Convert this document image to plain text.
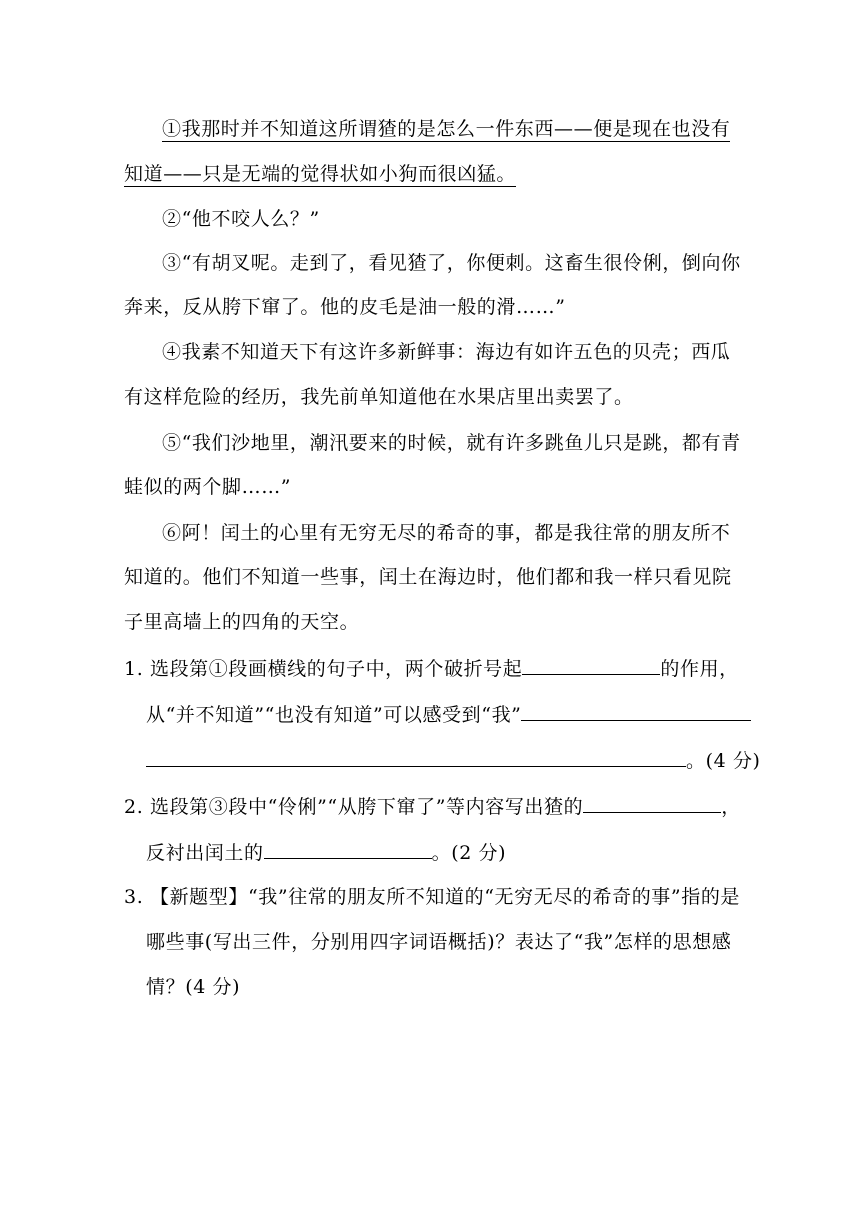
①我那时并不知道这所谓猹的是怎么一件东西——便是现在也没有
知道——只是无端的觉得状如小狗而很凶猛。
②“他不咬人么？”
③“有胡叉呢。走到了，看见猹了，你便刺。这畜生很伶俐，倒向你
奔来，反从胯下窜了。他的皮毛是油一般的滑……”
④我素不知道天下有这许多新鲜事：海边有如许五色的贝壳；西瓜
有这样危险的经历，我先前单知道他在水果店里出卖罢了。
⑤“我们沙地里，潮汛要来的时候，就有许多跳鱼儿只是跳，都有青
蛙似的两个脚……”
⑥阿！闰土的心里有无穷无尽的希奇的事，都是我往常的朋友所不
知道的。他们不知道一些事，闰土在海边时，他们都和我一样只看见院
子里高墙上的四角的天空。
1. 选段第①段画横线的句子中，两个破折号起	的作用，
从“并不知道”“也没有知道”可以感受到“我”
。(4 分)
2. 选段第③段中“伶俐”“从胯下窜了”等内容写出猹的	，
反衬出闰土的	。(2 分)
3. 【新题型】“我”往常的朋友所不知道的“无穷无尽的希奇的事”指的是
哪些事(写出三件，分别用四字词语概括)？表达了“我”怎样的思想感
情？(4 分)
